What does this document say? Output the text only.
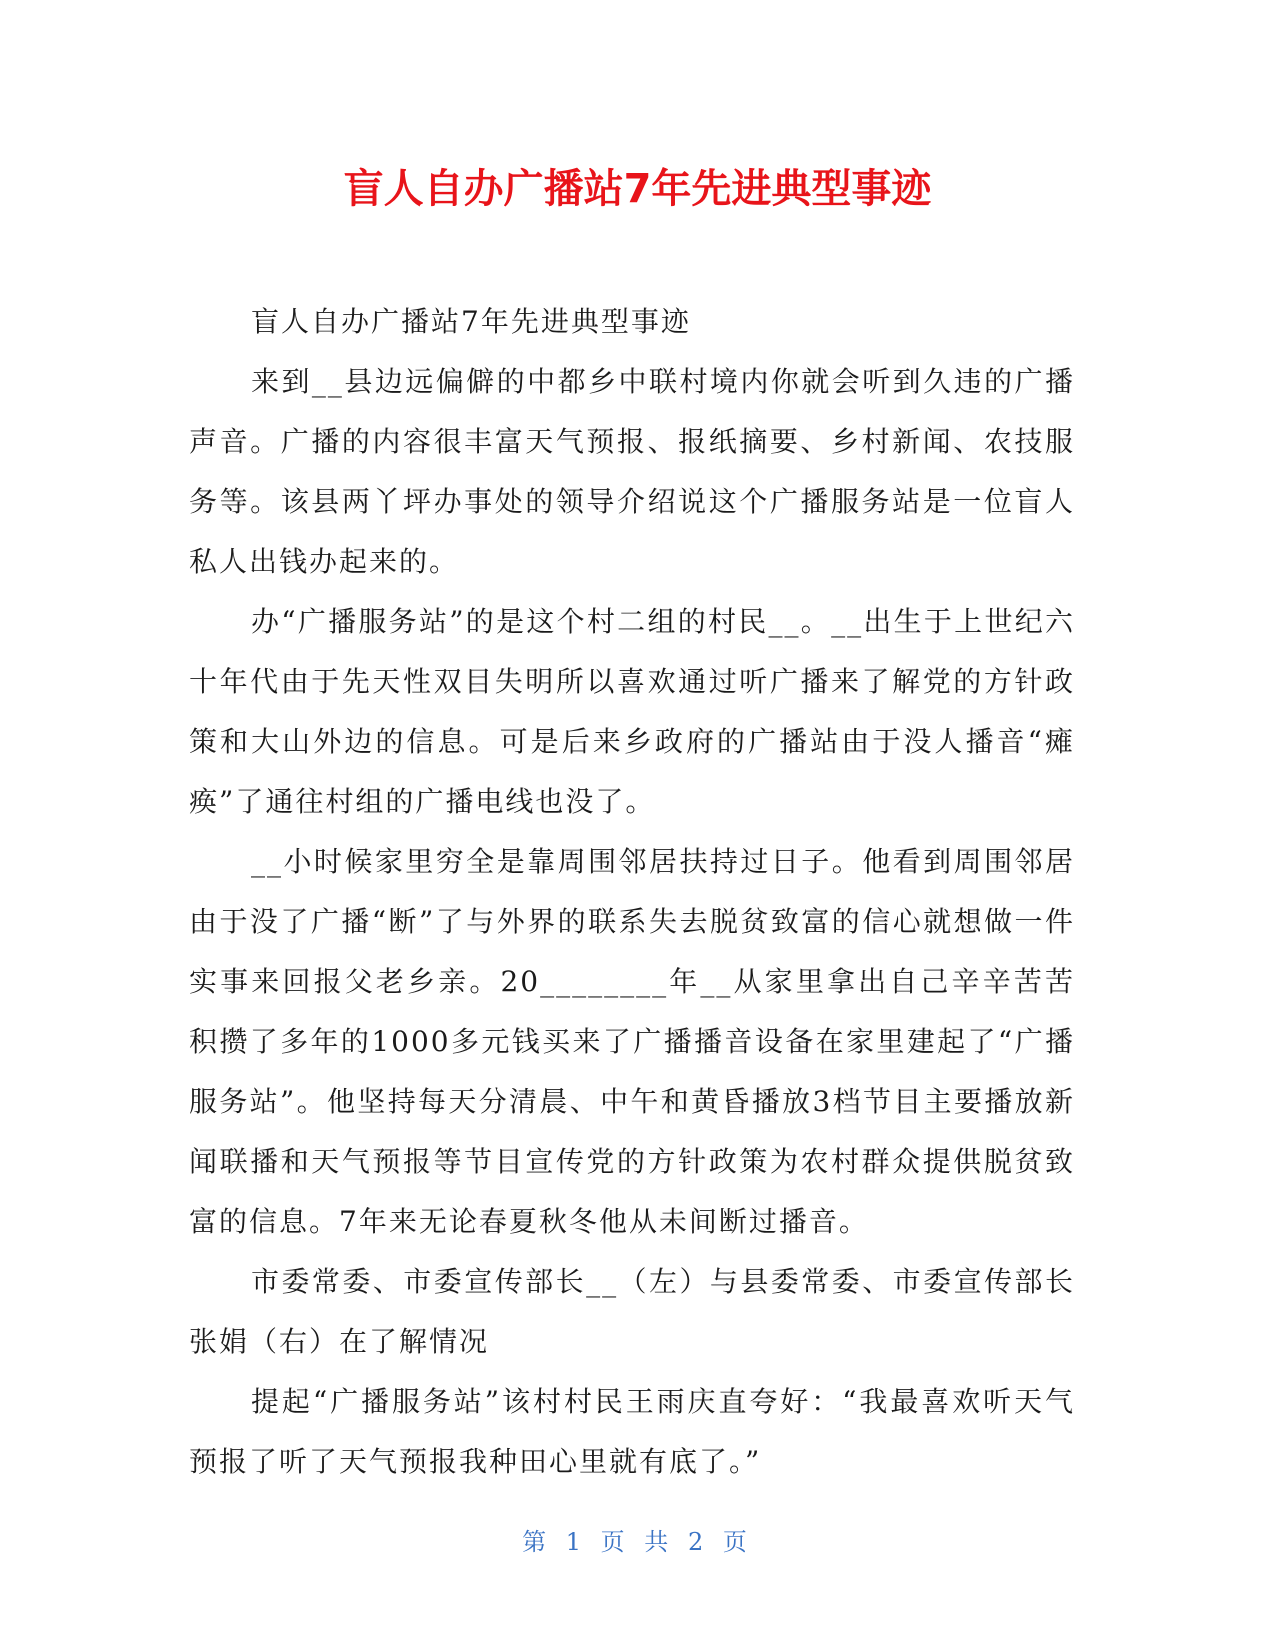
盲人自办广播站7年先进典型事迹

盲人自办广播站7年先进典型事迹

来到__县边远偏僻的中都乡中联村境内你就会听到久违的广播声音。广播的内容很丰富天气预报、报纸摘要、乡村新闻、农技服务等。该县两丫坪办事处的领导介绍说这个广播服务站是一位盲人私人出钱办起来的。

办“广播服务站”的是这个村二组的村民__。__出生于上世纪六十年代由于先天性双目失明所以喜欢通过听广播来了解党的方针政策和大山外边的信息。可是后来乡政府的广播站由于没人播音“瘫痪”了通往村组的广播电线也没了。

__小时候家里穷全是靠周围邻居扶持过日子。他看到周围邻居由于没了广播“断”了与外界的联系失去脱贫致富的信心就想做一件实事来回报父老乡亲。20________年__从家里拿出自己辛辛苦苦积攒了多年的1000多元钱买来了广播播音设备在家里建起了“广播服务站”。他坚持每天分清晨、中午和黄昏播放3档节目主要播放新闻联播和天气预报等节目宣传党的方针政策为农村群众提供脱贫致富的信息。7年来无论春夏秋冬他从未间断过播音。

市委常委、市委宣传部长__（左）与县委常委、市委宣传部长张娟（右）在了解情况

提起“广播服务站”该村村民王雨庆直夸好：“我最喜欢听天气预报了听了天气预报我种田心里就有底了。”

第 1 页 共 2 页
